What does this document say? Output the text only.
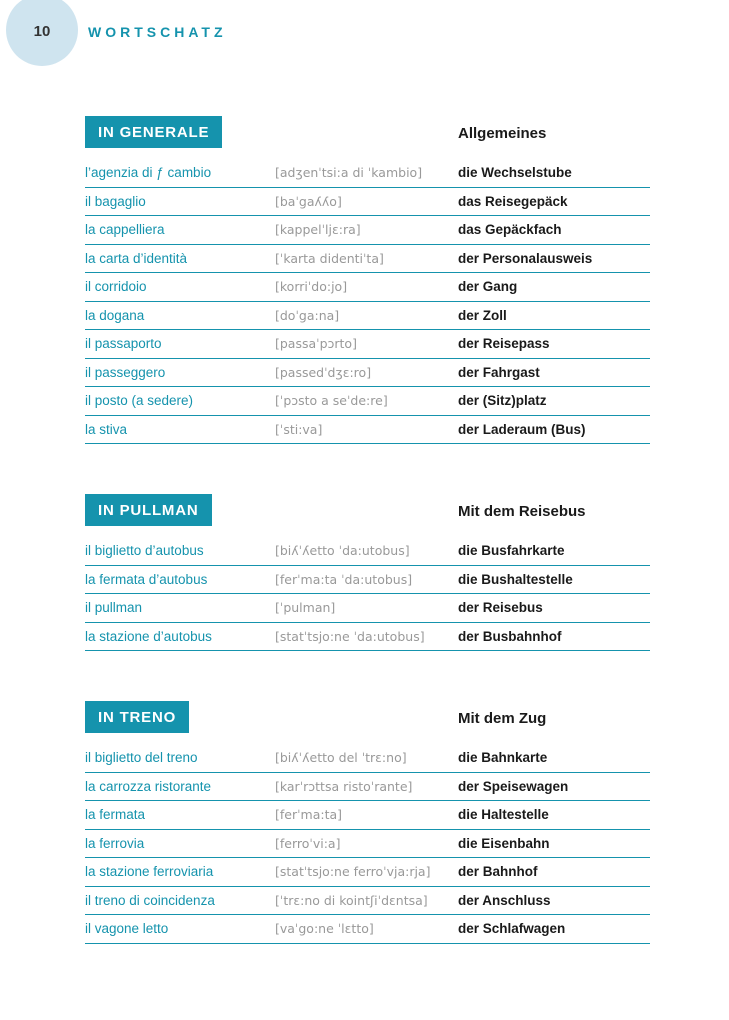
10	WORTSCHATZ
IN GENERALE	Allgemeines
l’agenzia di ƒ cambio	[adʒenˈtsi:a di ˈkambio]	die Wechselstube
il bagaglio	[baˈgaʎʎo]	das Reisegepäck
la cappelliera	[kappelˈljɛ:ra]	das Gepäckfach
la carta d’identità	[ˈkarta didentiˈta]	der Personalausweis
il corridoio	[korriˈdo:jo]	der Gang
la dogana	[doˈga:na]	der Zoll
il passaporto	[passaˈpɔrto]	der Reisepass
il passeggero	[passedˈdʒɛ:ro]	der Fahrgast
il posto (a sedere)	[ˈpɔsto a seˈde:re]	der (Sitz)platz
la stiva	[ˈsti:va]	der Laderaum (Bus)
IN PULLMAN	Mit dem Reisebus
il biglietto d’autobus	[biʎˈʎetto ˈda:utobus]	die Busfahrkarte
la fermata d’autobus	[ferˈma:ta ˈda:utobus]	die Bushaltestelle
il pullman	[ˈpulman]	der Reisebus
la stazione d’autobus	[statˈtsjo:ne ˈda:utobus]	der Busbahnhof
IN TRENO	Mit dem Zug
il biglietto del treno	[biʎˈʎetto del ˈtrɛ:no]	die Bahnkarte
la carrozza ristorante	[karˈrɔttsa ristoˈrante]	der Speisewagen
la fermata	[ferˈma:ta]	die Haltestelle
la ferrovia	[ferroˈvi:a]	die Eisenbahn
la stazione ferroviaria	[statˈtsjo:ne ferroˈvja:rja]	der Bahnhof
il treno di coincidenza	[ˈtrɛ:no di kointʃiˈdɛntsa]	der Anschluss
il vagone letto	[vaˈgo:ne ˈlɛtto]	der Schlafwagen
